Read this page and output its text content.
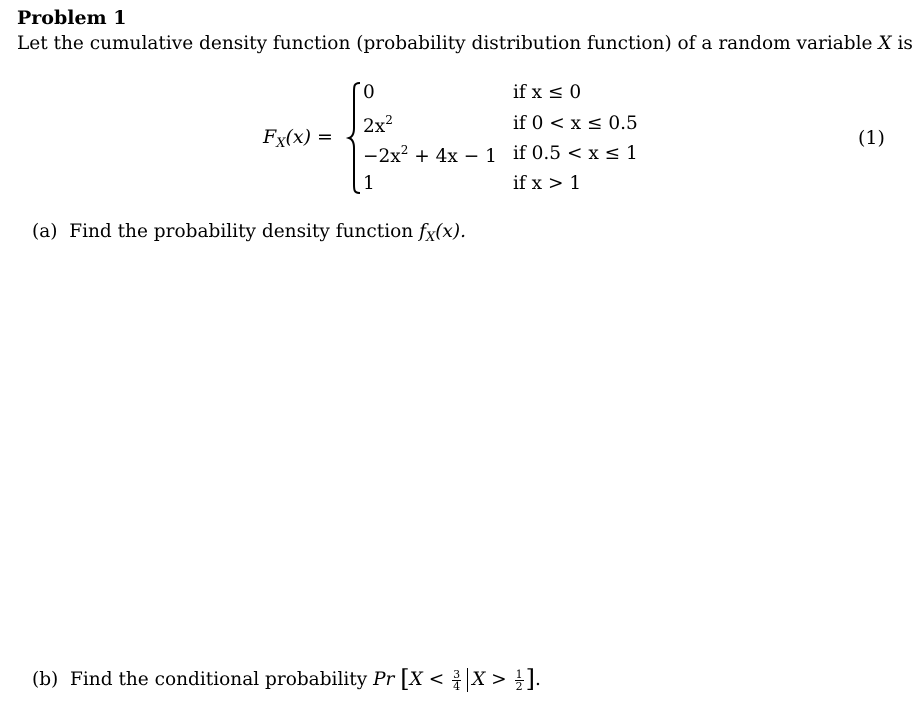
Problem 1
Let the cumulative density function (probability distribution function) of a random variable X is
$F_X(x)$ =
0	if x ≤ 0
$2x^2$	if 0 < x ≤ 0.5
$-2x^2 + 4x - 1$ if 0.5 < x ≤ 1
1	if x > 1
(1)
(a) Find the probability density function $f_X(x)$.
(b) Find the conditional probability Pr [$X < \frac{3}{4}$ $X > \frac{1}{2}$ ].
